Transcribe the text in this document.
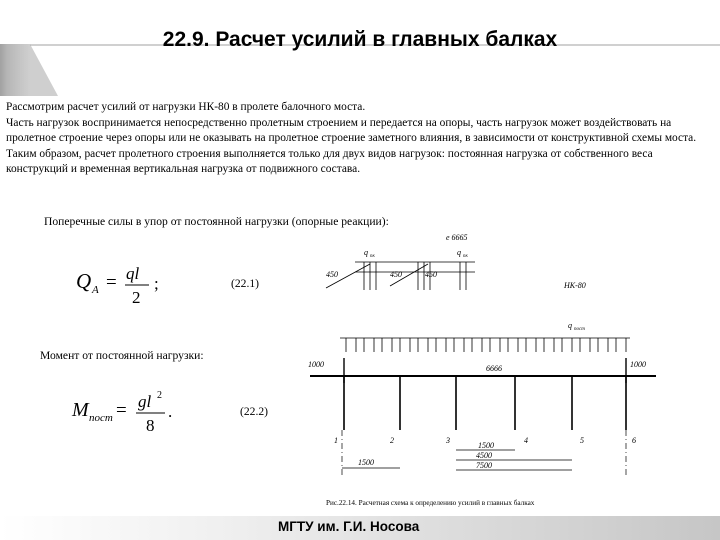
22.9. Расчет усилий в главных балках

Рассмотрим расчет усилий от нагрузки НК-80 в пролете балочного моста.

Часть нагрузок воспринимается непосредственно пролетным строением и передается на опоры, часть нагрузок может воздействовать на пролетное строение через опоры или не оказывать на пролетное строение заметного влияния, в зависимости от конструктивной схемы моста.

Таким образом, расчет пролетного строения выполняется только для двух видов нагрузок: постоянная нагрузка от собственного веса конструкций и временная вертикальная нагрузка от подвижного состава.

Поперечные силы в упор от постоянной нагрузки (опорные реакции):
Q A = ql
2
;	(22.1)
Момент от постоянной нагрузки:
M пост = gl 2
8
.	(22.2)
е 6665
q пк	q пк
450	450	450
НК-80
q пост
6666
1000	1000
1	2	3	4	5	6
1500
4500
7500
1500
Рис.22.14. Расчетная схема к определению усилий в главных балках
МГТУ им. Г.И. Носова
